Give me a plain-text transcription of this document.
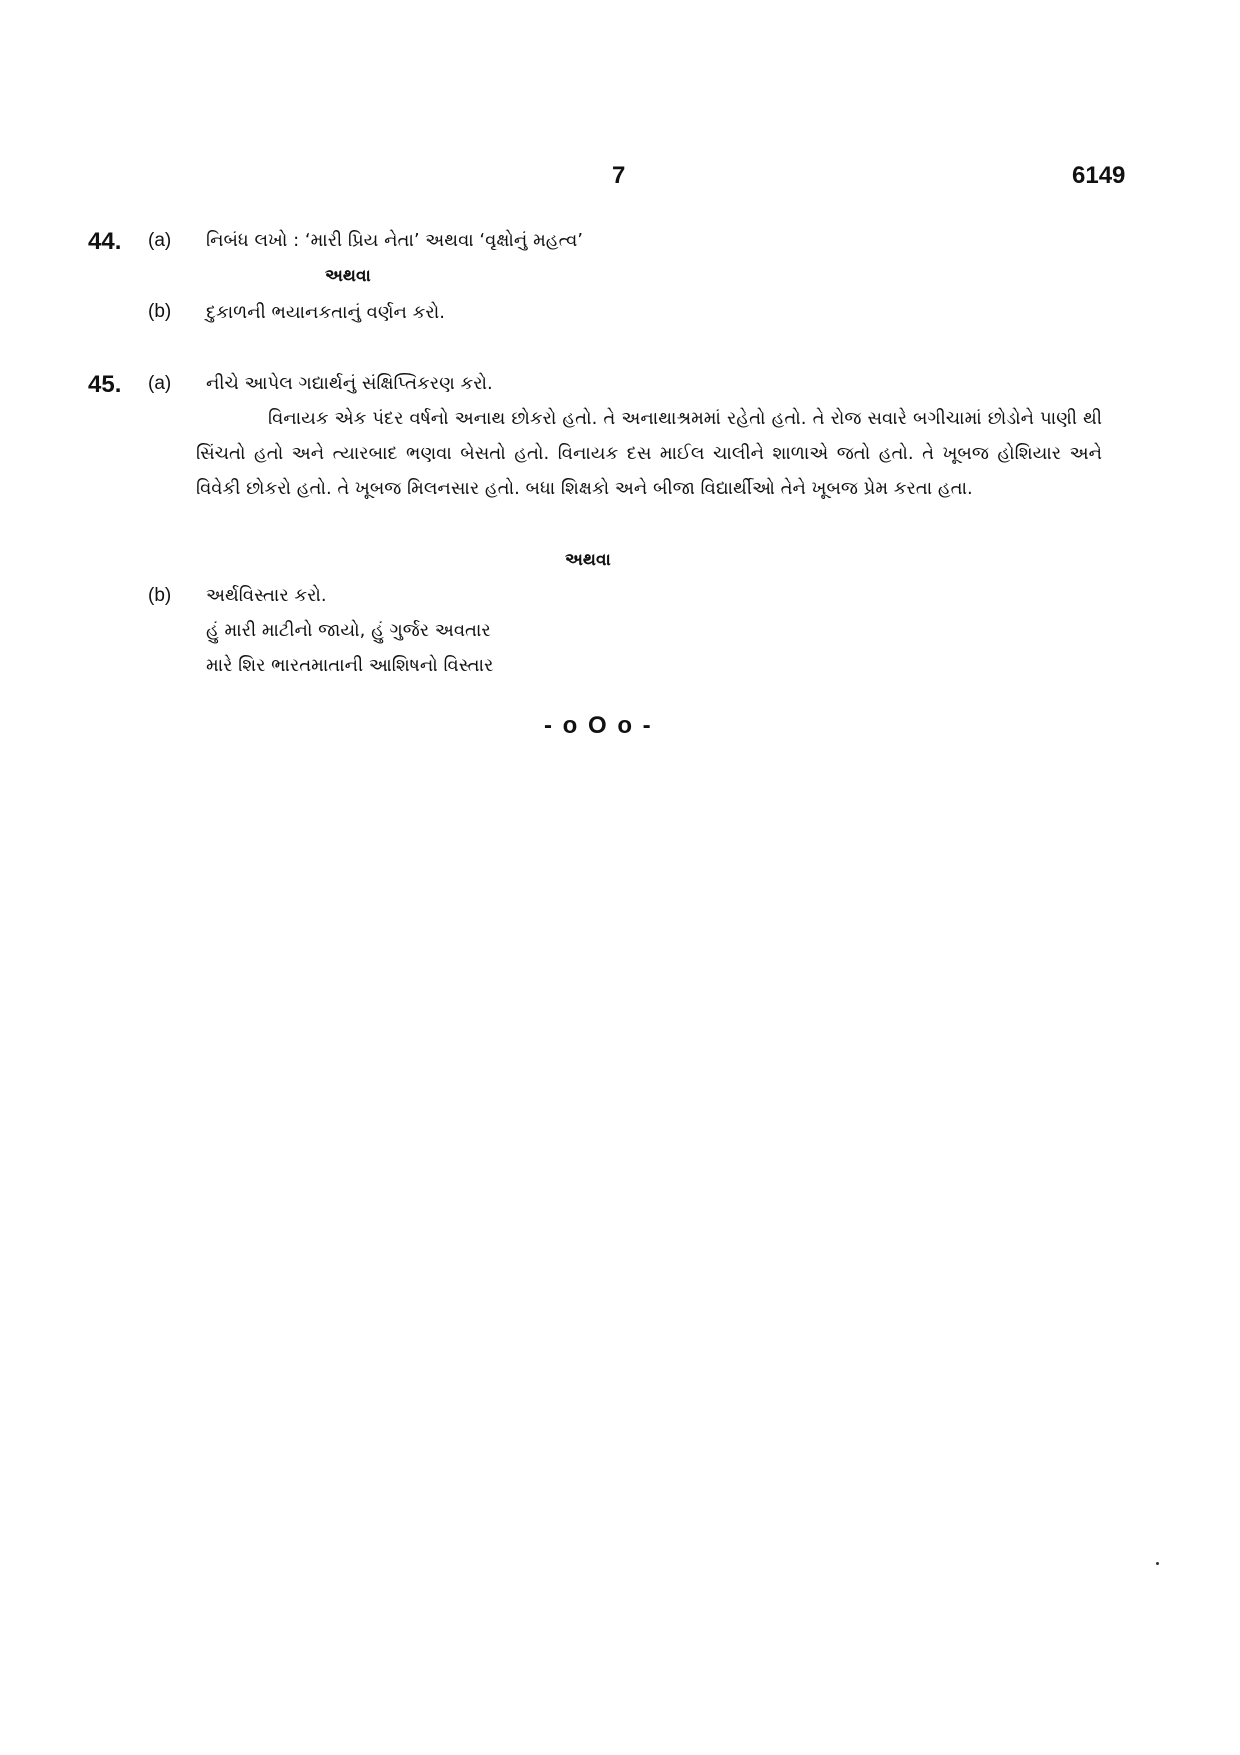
7	6149
44. (a) નિબંધ લખો : ‘મારી પ્રિય નેતા’ અથવા ‘વૃક્ષોનું મહત્વ’
અથવા
(b) દુકાળની ભયાનકતાનું વર્ણન કરો.
45. (a) નીચે આપેલ ગદ્યાર્થનું સંક્ષિપ્તિકરણ કરો.
વિનાયક એક પંદર વર્ષનો અનાથ છોકરો હતો. તે અનાથાશ્રમમાં રહેતો હતો. તે રોજ સવારે બગીચામાં છોડોને પાણી થી સિંચતો હતો અને ત્યારબાદ ભણવા બેસતો હતો. વિનાયક દસ માઈલ ચાલીને શાળાએ જતો હતો. તે ખૂબજ હોશિયાર અને વિવેકી છોકરો હતો. તે ખૂબજ મિલનસાર હતો. બધા શિક્ષકો અને બીજા વિદ્યાર્થીઓ તેને ખૂબજ પ્રેમ કરતા હતા.
અથવા
(b) અર્થવિસ્તાર કરો.
હું મારી માટીનો જાયો, હું ગુર્જર અવતાર
મારે શિર ભારતમાતાની આશિષનો વિસ્તાર
- o O o -
